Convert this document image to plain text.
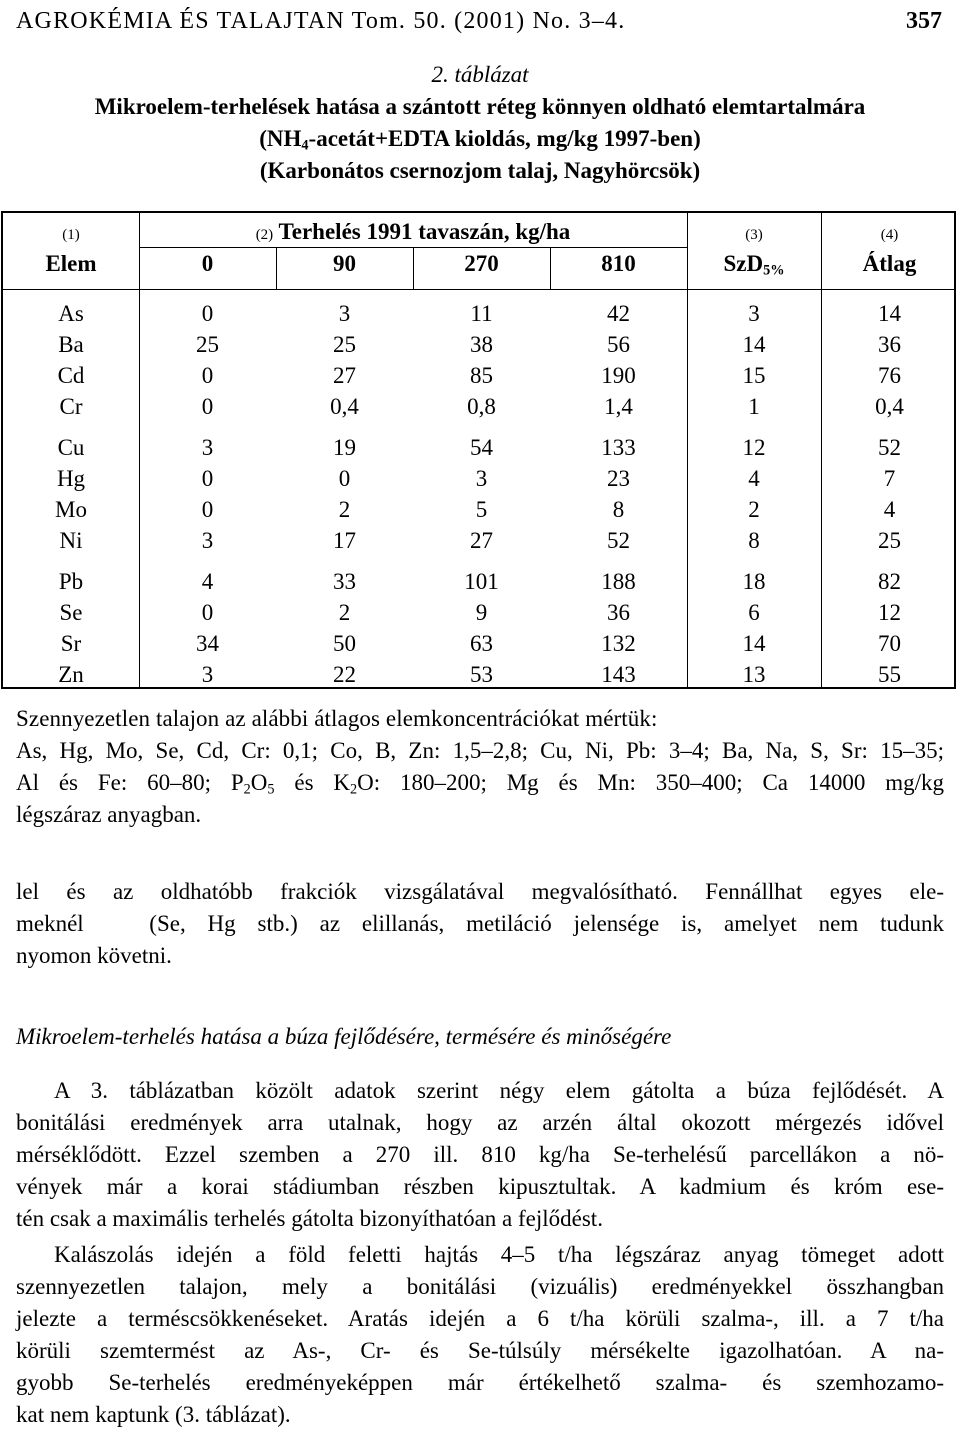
AGROKÉMIA ÉS TALAJTAN Tom. 50. (2001) No. 3–4.	357
2. táblázat
Mikroelem-terhelések hatása a szántott réteg könnyen oldható elemtartalmára
($NH_4-acetát+EDTA$ kioldás, mg/kg 1997-ben)
(Karbonátos csernozjom talaj, Nagyhörcsök)
(1)	(2) Terhelés 1991 tavaszán, kg/ha	(3)	(4)
Elem	0	90	270	810	SzD$_{5\%}$	Átlag
As	0	3	11	42	3	14
Ba	25	25	38	56	14	36
Cd	0	27	85	190	15	76
Cr	0	0,4	0,8	1,4	1	0,4
Cu	3	19	54	133	12	52
Hg	0	0	3	23	4	7
Mo	0	2	5	8	2	4
Ni	3	17	27	52	8	25
Pb	4	33	101	188	18	82
Se	0	2	9	36	6	12
Sr	34	50	63	132	14	70
Zn	3	22	53	143	13	55
Szennyezetlen talajon az alábbi átlagos elemkoncentrációkat mértük:
As, Hg, Mo, Se, Cd, Cr: 0,1; Co, B, Zn: 1,5–2,8; Cu, Ni, Pb: 3–4; Ba, Na, S, Sr: 15–35;
Al és Fe: 60–80; $P_2O_5$ és $K_2O$: 180–200; Mg és Mn: 350–400; Ca 14000 mg/kg
légszáraz anyagban.
lel és az oldhatóbb frakciók vizsgálatával megvalósítható. Fennállhat egyes ele-
meknél   (Se, Hg stb.) az elillanás, metiláció jelensége is, amelyet nem tudunk
nyomon követni.
Mikroelem-terhelés hatása a búza fejlődésére, termésére és minőségére
A 3. táblázatban közölt adatok szerint négy elem gátolta a búza fejlődését. A
bonitálási eredmények arra utalnak, hogy az arzén által okozott mérgezés idővel
mérséklődött. Ezzel szemben a 270 ill. 810 kg/ha Se-terhelésű parcellákon a nö-
vények már a korai stádiumban részben kipusztultak. A kadmium és króm ese-
tén csak a maximális terhelés gátolta bizonyíthatóan a fejlődést.
Kalászolás idején a föld feletti hajtás 4–5 t/ha légszáraz anyag tömeget adott
szennyezetlen talajon, mely a bonitálási (vizuális) eredményekkel összhangban
jelezte a terméscsökkenéseket. Aratás idején a 6 t/ha körüli szalma-, ill. a 7 t/ha
körüli szemtermést az As-, Cr- és Se-túlsúly mérsékelte igazolhatóan. A na-
gyobb Se-terhelés eredményeképpen már értékelhető szalma- és szemhozamo-
kat nem kaptunk (3. táblázat).
